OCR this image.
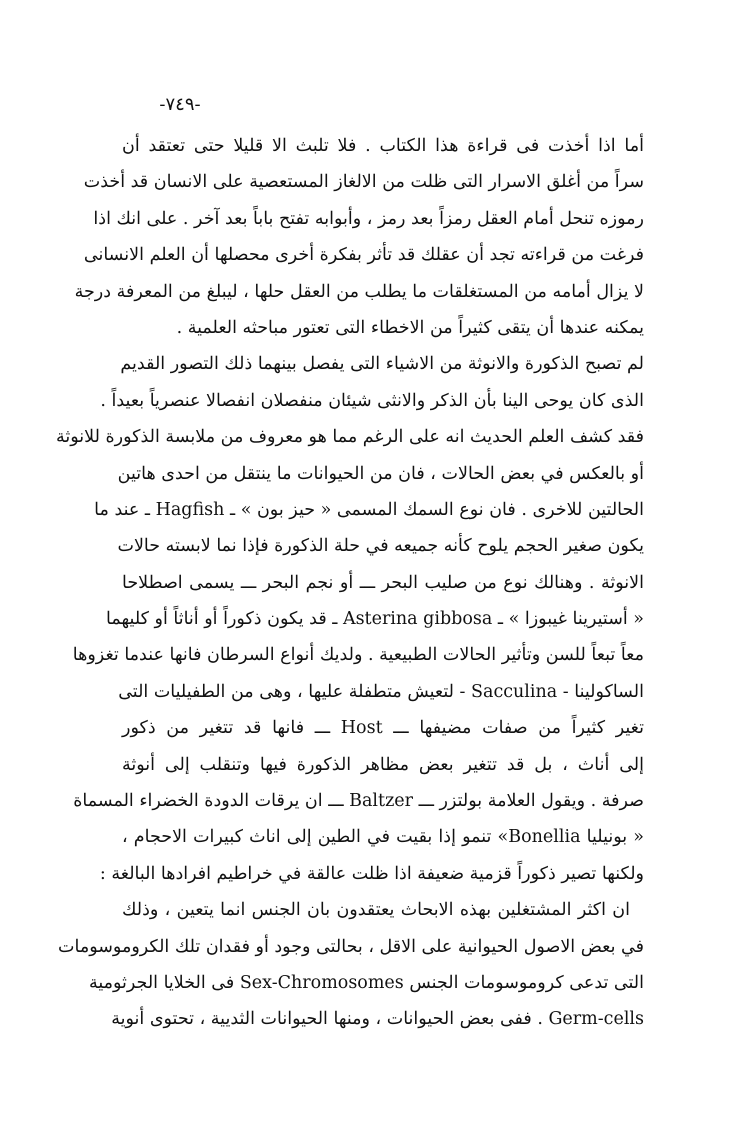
-٧٤٩-
أما اذا أخذت فى قراءة هذا الكتاب . فلا تلبث الا قليلا حتى تعتقد أن
سراً من أغلق الاسرار التى ظلت من الالغاز المستعصية على الانسان قد أخذت
رموزه تنحل أمام العقل رمزاً بعد رمز ، وأبوابه تفتح باباً بعد آخر . على انك اذا
فرغت من قراءته تجد أن عقلك قد تأثر بفكرة أخرى محصلها أن العلم الانسانى
لا يزال أمامه من المستغلقات ما يطلب من العقل حلها ، ليبلغ من المعرفة درجة
يمكنه عندها أن يتقى كثيراً من الاخطاء التى تعتور مباحثه العلمية .
لم تصبح الذكورة والانوثة من الاشياء التى يفصل بينهما ذلك التصور القديم
الذى كان يوحى الينا بأن الذكر والانثى شيئان منفصلان انفصالا عنصرياً بعيداً .
فقد كشف العلم الحديث انه على الرغم مما هو معروف من ملابسة الذكورة للانوثة
أو بالعكس في بعض الحالات ، فان من الحيوانات ما ينتقل من احدى هاتين
الحالتين للاخرى . فان نوع السمك المسمى « حيز بون » ـ Hagfish ـ عند ما
يكون صغير الحجم يلوح كأنه جميعه في حلة الذكورة فإذا نما لابسته حالات
الانوثة . وهنالك نوع من صليب البحر ـــ أو نجم البحر ـــ يسمى اصطلاحا
« أستيرينا غيبوزا » ـ Asterina gibbosa ـ قد يكون ذكوراً أو أناثاً أو كليهما
معاً تبعاً للسن وتأثير الحالات الطبيعية . ولديك أنواع السرطان فانها عندما تغزوها
الساكولينا - Sacculina - لتعيش متطفلة عليها ، وهى من الطفيليات التى
تغير كثيراً من صفات مضيفها ـــ Host ـــ فانها قد تتغير من ذكور
إلى أناث ، بل قد تتغير بعض مظاهر الذكورة فيها وتنقلب إلى أنوثة
صرفة . ويقول العلامة بولتزر ـــ Baltzer ـــ ان يرقات الدودة الخضراء المسماة
« بونيليا Bonellia» تنمو إذا بقيت في الطين إلى اناث كبيرات الاحجام ،
ولكنها تصير ذكوراً قزمية ضعيفة اذا ظلت عالقة في خراطيم افرادها البالغة :
ان اكثر المشتغلين بهذه الابحاث يعتقدون بان الجنس انما يتعين ، وذلك
في بعض الاصول الحيوانية على الاقل ، بحالتى وجود أو فقدان تلك الكروموسومات
التى تدعى كروموسومات الجنس Sex-Chromosomes فى الخلايا الجرثومية
Germ-cells . ففى بعض الحيوانات ، ومنها الحيوانات الثديية ، تحتوى أنوية
